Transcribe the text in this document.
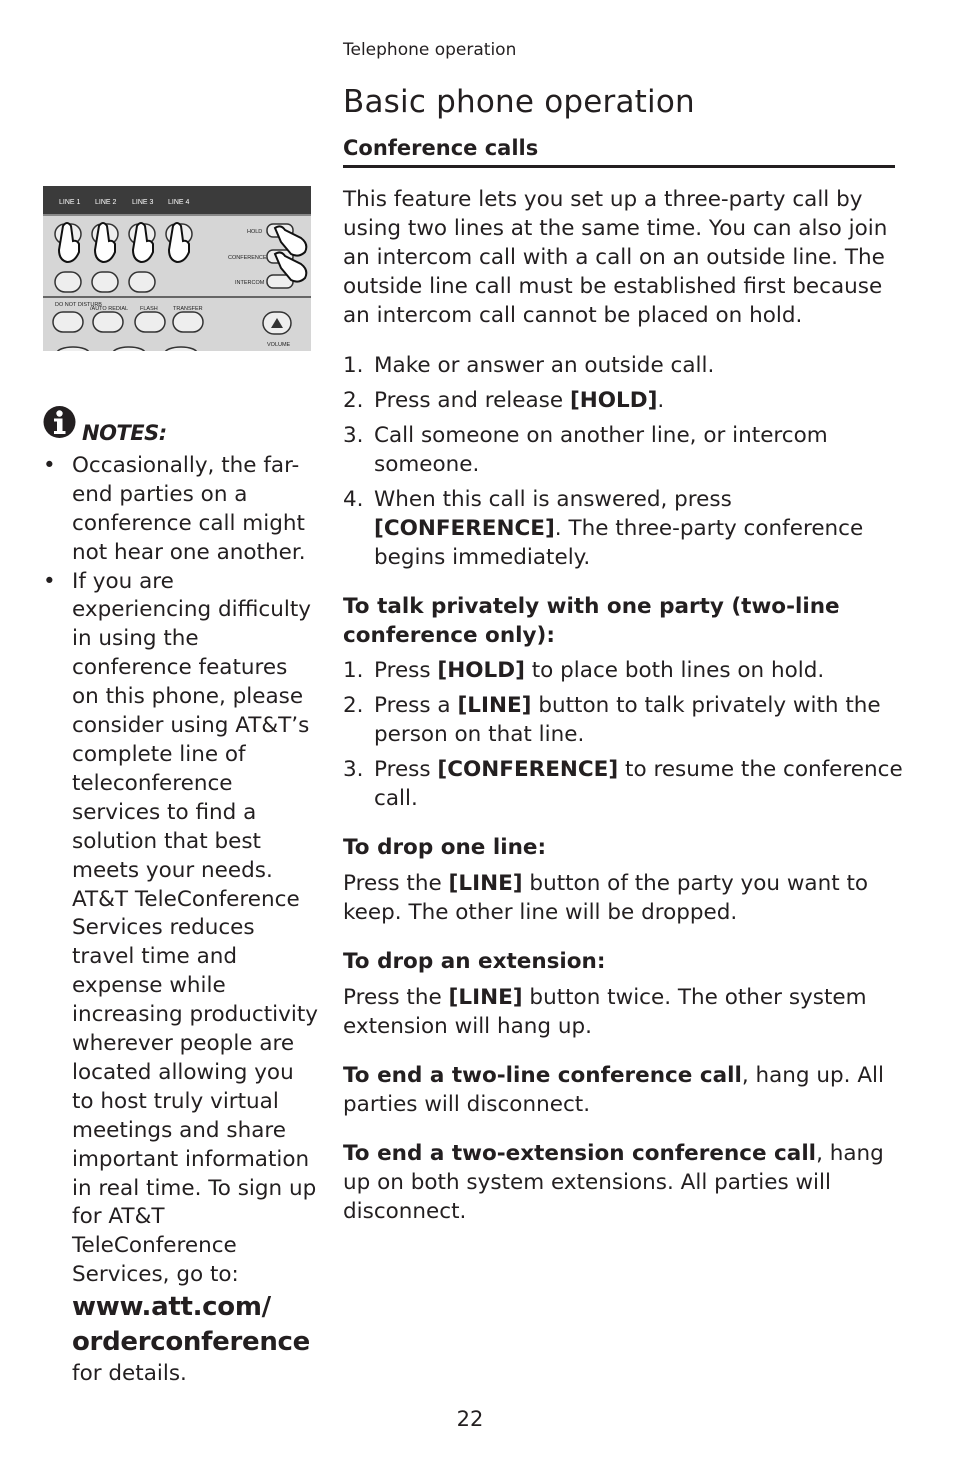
Telephone operation
Basic phone operation
Conference calls
LINE 1 LINE 2 LINE 3 LINE 4
HOLD
CONFERENCE
INTERCOM
DO NOT DISTURB
/AUTO REDIAL FLASH	TRANSFER
VOLUME
NOTES:
• Occasionally, the far-end parties on a conference call might not hear one another.
• If you are experiencing difficulty in using the conference features on this phone, please consider using AT&T’s complete line of teleconference services to find a solution that best meets your needs. AT&T TeleConference Services reduces travel time and expense while increasing productivity wherever people are located allowing you to host truly virtual meetings and share important information in real time. To sign up for AT&T TeleConference Services, go to:
www.att.com/
orderconference
for details.

This feature lets you set up a three-party call by using two lines at the same time. You can also join an intercom call with a call on an outside line. The outside line call must be established first because an intercom call cannot be placed on hold.

1. Make or answer an outside call.
2. Press and release [HOLD].
3. Call someone on another line, or intercom someone.
4. When this call is answered, press [CONFERENCE]. The three-party conference begins immediately.

To talk privately with one party (two-line conference only):

1. Press [HOLD] to place both lines on hold.
2. Press a [LINE] button to talk privately with the person on that line.
3. Press [CONFERENCE] to resume the conference call.

To drop one line:

Press the [LINE] button of the party you want to keep. The other line will be dropped.

To drop an extension:

Press the [LINE] button twice. The other system extension will hang up.

To end a two-line conference call, hang up. All parties will disconnect.

To end a two-extension conference call, hang up on both system extensions. All parties will disconnect.

22
